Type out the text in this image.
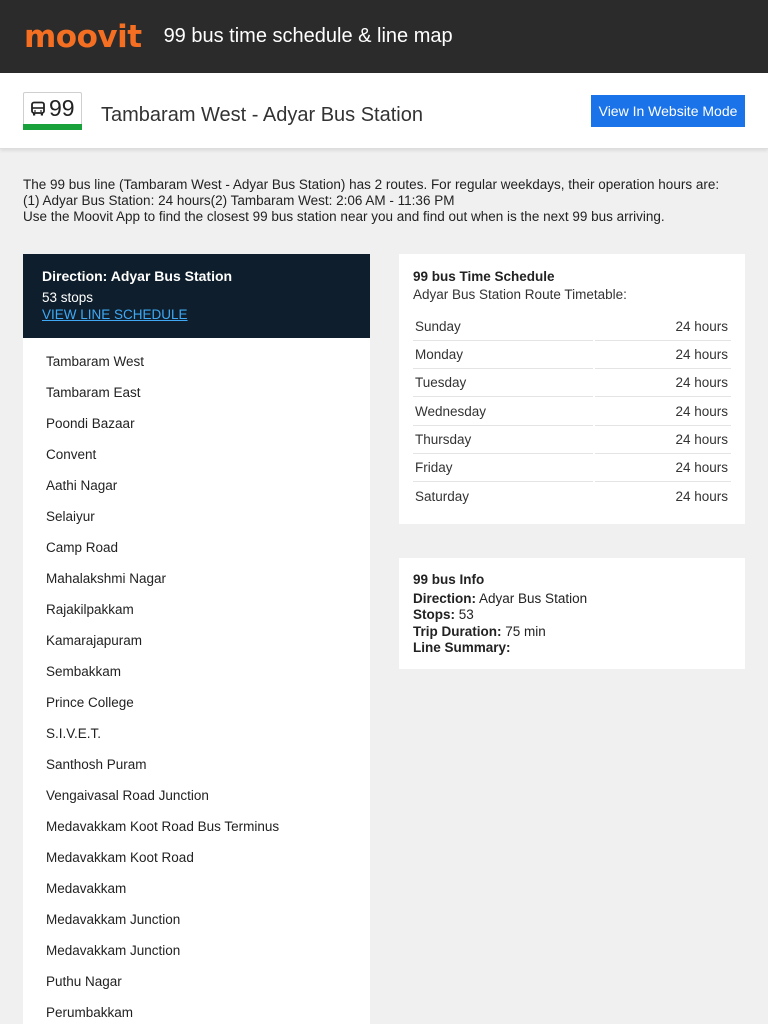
moovit 99 bus time schedule & line map
99 Tambaram West - Adyar Bus Station	View In Website Mode
The 99 bus line (Tambaram West - Adyar Bus Station) has 2 routes. For regular weekdays, their operation hours are:
(1) Adyar Bus Station: 24 hours(2) Tambaram West: 2:06 AM - 11:36 PM
Use the Moovit App to find the closest 99 bus station near you and find out when is the next 99 bus arriving.
Direction: Adyar Bus Station
53 stops
VIEW LINE SCHEDULE
Tambaram West
Tambaram East
Poondi Bazaar
Convent
Aathi Nagar
Selaiyur
Camp Road
Mahalakshmi Nagar
Rajakilpakkam
Kamarajapuram
Sembakkam
Prince College
S.I.V.E.T.
Santhosh Puram
Vengaivasal Road Junction
Medavakkam Koot Road Bus Terminus
Medavakkam Koot Road
Medavakkam
Medavakkam Junction
Medavakkam Junction
Puthu Nagar
Perumbakkam
99 bus Time Schedule
Adyar Bus Station Route Timetable:
Sunday	24 hours
Monday	24 hours
Tuesday	24 hours
Wednesday	24 hours
Thursday	24 hours
Friday	24 hours
Saturday	24 hours
99 bus Info
Direction: Adyar Bus Station
Stops: 53
Trip Duration: 75 min
Line Summary:
